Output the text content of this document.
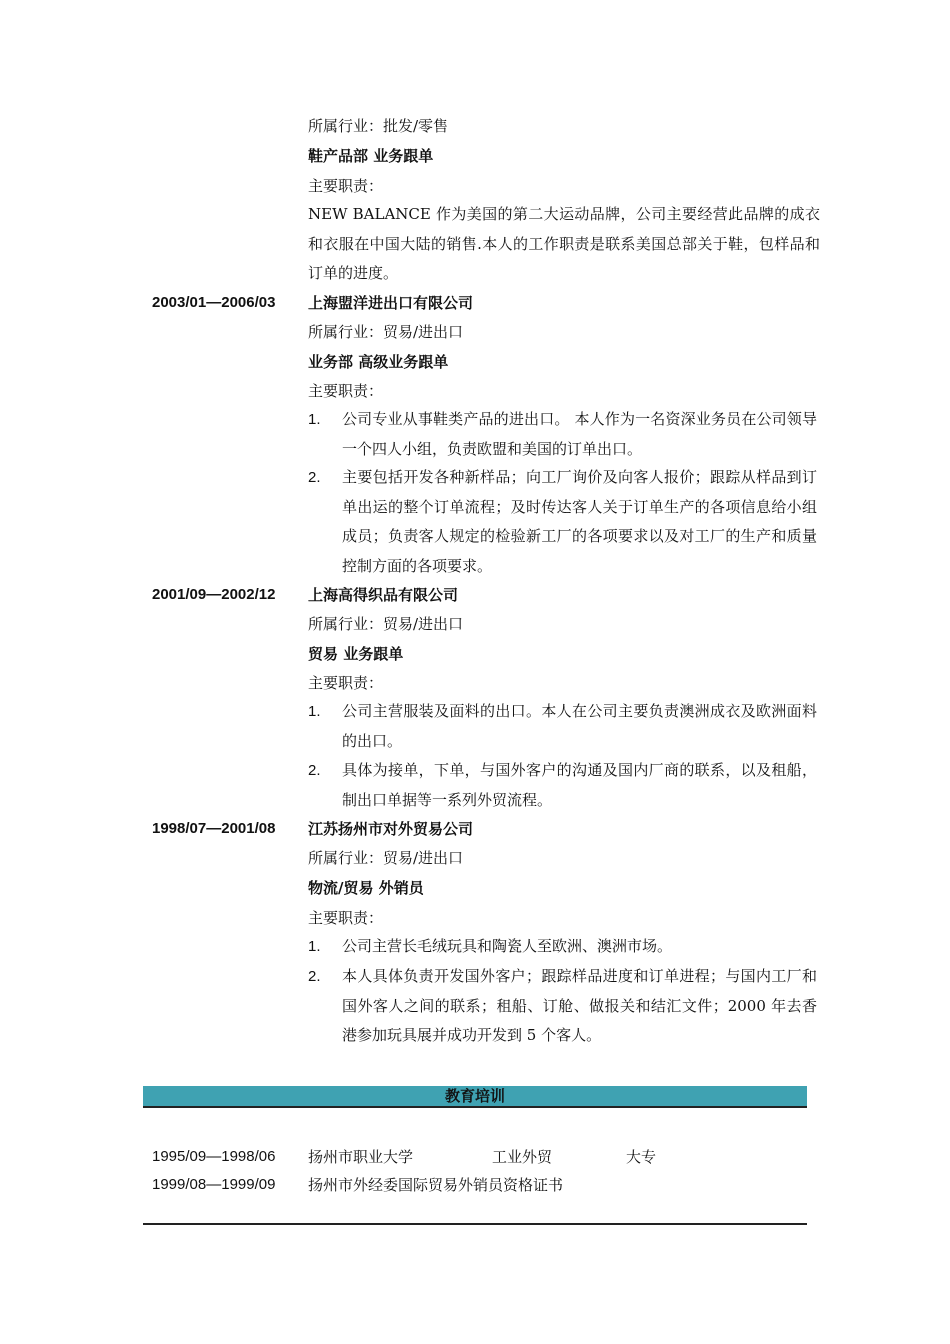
所属行业：批发/零售
鞋产品部 业务跟单
主要职责：
NEW BALANCE 作为美国的第二大运动品牌，公司主要经营此品牌的成衣和衣服在中国大陆的销售.本人的工作职责是联系美国总部关于鞋，包样品和订单的进度。
2003/01—2006/03 上海盟洋进出口有限公司
所属行业：贸易/进出口
业务部 高级业务跟单
主要职责：
1. 公司专业从事鞋类产品的进出口。 本人作为一名资深业务员在公司领导一个四人小组，负责欧盟和美国的订单出口。
2. 主要包括开发各种新样品；向工厂询价及向客人报价；跟踪从样品到订单出运的整个订单流程；及时传达客人关于订单生产的各项信息给小组成员；负责客人规定的检验新工厂的各项要求以及对工厂的生产和质量控制方面的各项要求。
2001/09—2002/12 上海高得织品有限公司
所属行业：贸易/进出口
贸易 业务跟单
主要职责：
1. 公司主营服装及面料的出口。本人在公司主要负责澳洲成衣及欧洲面料的出口。
2. 具体为接单，下单，与国外客户的沟通及国内厂商的联系，以及租船，制出口单据等一系列外贸流程。
1998/07—2001/08 江苏扬州市对外贸易公司
所属行业：贸易/进出口
物流/贸易 外销员
主要职责：
1. 公司主营长毛绒玩具和陶瓷人至欧洲、澳洲市场。
2. 本人具体负责开发国外客户；跟踪样品进度和订单进程；与国内工厂和国外客人之间的联系；租船、订舱、做报关和结汇文件；2000 年去香港参加玩具展并成功开发到 5 个客人。
教育培训
1995/09—1998/06 扬州市职业大学	工业外贸	大专
1999/08—1999/09 扬州市外经委国际贸易外销员资格证书
